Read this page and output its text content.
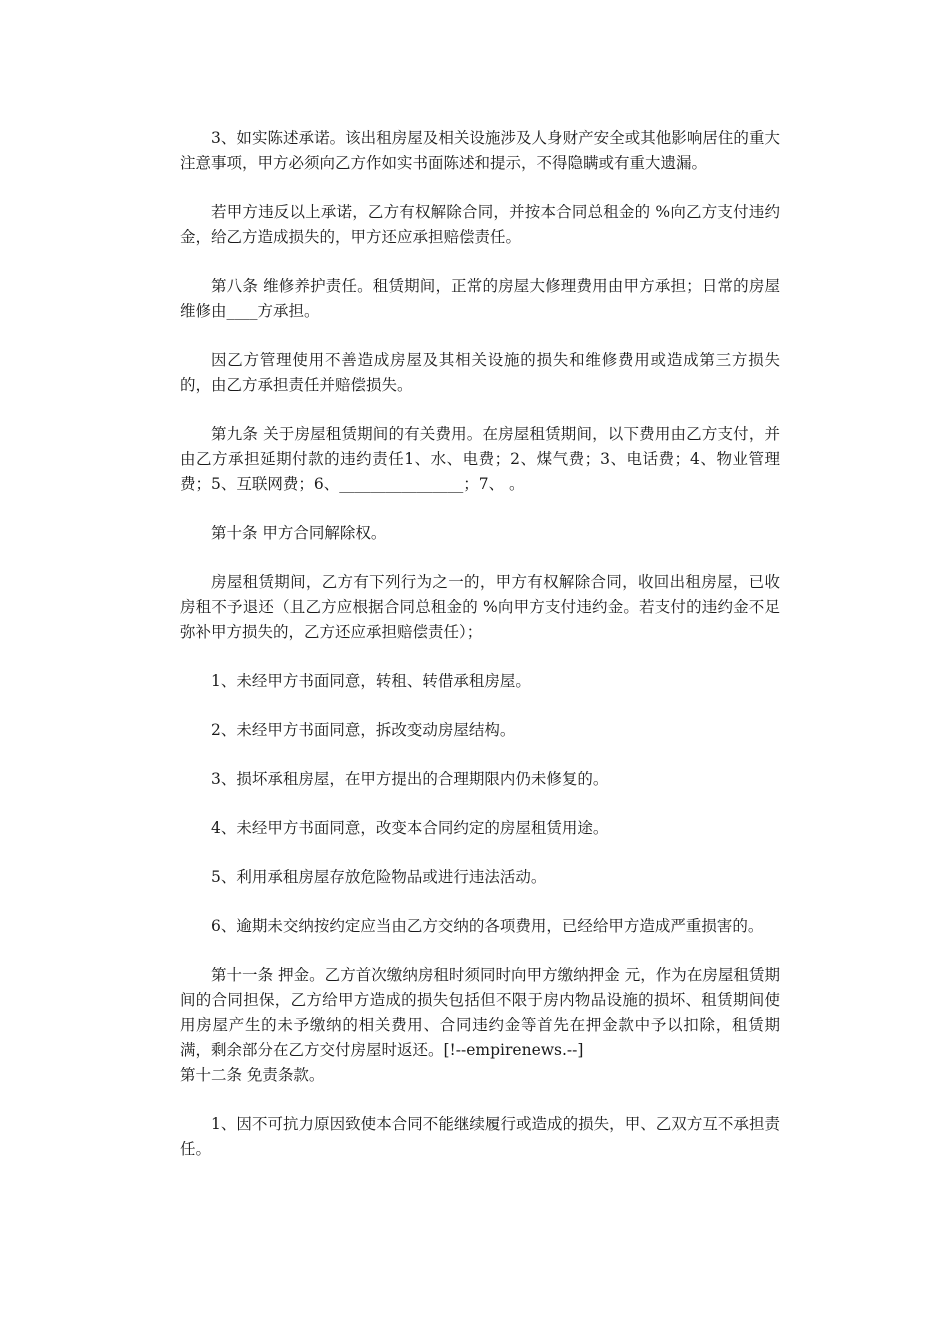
3、如实陈述承诺。该出租房屋及相关设施涉及人身财产安全或其他影响居住的重大注意事项，甲方必须向乙方作如实书面陈述和提示，不得隐瞒或有重大遗漏。

若甲方违反以上承诺，乙方有权解除合同，并按本合同总租金的 %向乙方支付违约金，给乙方造成损失的，甲方还应承担赔偿责任。

第八条 维修养护责任。租赁期间，正常的房屋大修理费用由甲方承担；日常的房屋维修由____方承担。

因乙方管理使用不善造成房屋及其相关设施的损失和维修费用或造成第三方损失的，由乙方承担责任并赔偿损失。

第九条 关于房屋租赁期间的有关费用。在房屋租赁期间，以下费用由乙方支付，并由乙方承担延期付款的违约责任1、水、电费；2、煤气费；3、电话费；4、物业管理费；5、互联网费；6、________________；7、 。

第十条 甲方合同解除权。

房屋租赁期间，乙方有下列行为之一的，甲方有权解除合同，收回出租房屋，已收房租不予退还（且乙方应根据合同总租金的 %向甲方支付违约金。若支付的违约金不足弥补甲方损失的，乙方还应承担赔偿责任）；

1、未经甲方书面同意，转租、转借承租房屋。

2、未经甲方书面同意，拆改变动房屋结构。

3、损坏承租房屋，在甲方提出的合理期限内仍未修复的。

4、未经甲方书面同意，改变本合同约定的房屋租赁用途。

5、利用承租房屋存放危险物品或进行违法活动。

6、逾期未交纳按约定应当由乙方交纳的各项费用，已经给甲方造成严重损害的。

第十一条 押金。乙方首次缴纳房租时须同时向甲方缴纳押金 元，作为在房屋租赁期间的合同担保，乙方给甲方造成的损失包括但不限于房内物品设施的损坏、租赁期间使用房屋产生的未予缴纳的相关费用、合同违约金等首先在押金款中予以扣除，租赁期满，剩余部分在乙方交付房屋时返还。[!--empirenews.--]

第十二条 免责条款。

1、因不可抗力原因致使本合同不能继续履行或造成的损失，甲、乙双方互不承担责任。
